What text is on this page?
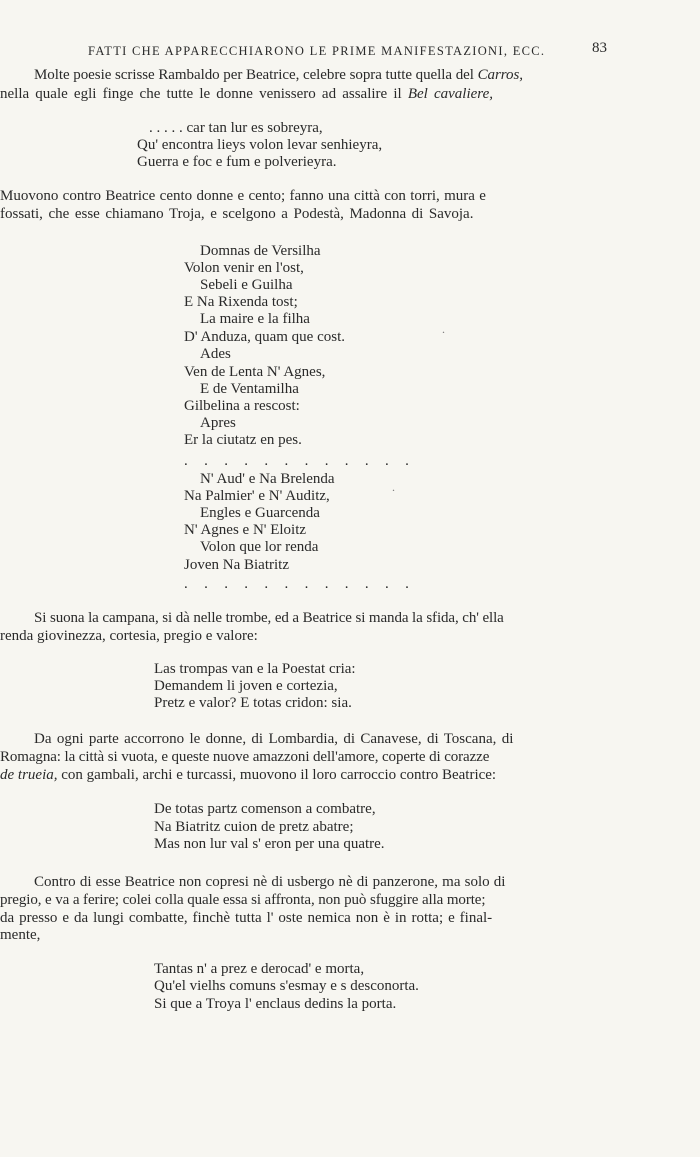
FATTI CHE APPARECCHIARONO LE PRIME MANIFESTAZIONI, ECC.	83
Molte poesie scrisse Rambaldo per Beatrice, celebre sopra tutte quella del Carros,
nella quale egli finge che tutte le donne venissero ad assalire il Bel cavaliere,
. . . . . car tan lur es sobreyra,
Qu' encontra lieys volon levar senhieyra,
Guerra e foc e fum e polverieyra.
Muovono contro Beatrice cento donne e cento; fanno una città con torri, mura e
fossati, che esse chiamano Troja, e scelgono a Podestà, Madonna di Savoja.
Domnas de Versilha
Volon venir en l'ost,
Sebeli e Guilha
E Na Rixenda tost;
La maire e la filha
D' Anduza, quam que cost.
Ades
Ven de Lenta N' Agnes,
E de Ventamilha
Gilbelina a rescost:
Apres
Er la ciutatz en pes.
. . . . . . . . . . . .
N' Aud' e Na Brelenda
Na Palmier' e N' Auditz,
Engles e Guarcenda
N' Agnes e N' Eloitz
Volon que lor renda
Joven Na Biatritz
. . . . . . . . . . . .
Si suona la campana, si dà nelle trombe, ed a Beatrice si manda la sfida, ch' ella
renda giovinezza, cortesia, pregio e valore:
Las trompas van e la Poestat cria:
Demandem li joven e cortezia,
Pretz e valor? E totas cridon: sia.
Da ogni parte accorrono le donne, di Lombardia, di Canavese, di Toscana, di
Romagna: la città si vuota, e queste nuove amazzoni dell'amore, coperte di corazze
de trueia, con gambali, archi e turcassi, muovono il loro carroccio contro Beatrice:
De totas partz comenson a combatre,
Na Biatritz cuion de pretz abatre;
Mas non lur val s' eron per una quatre.
Contro di esse Beatrice non copresi nè di usbergo nè di panzerone, ma solo di
pregio, e va a ferire; colei colla quale essa si affronta, non può sfuggire alla morte;
da presso e da lungi combatte, finchè tutta l' oste nemica non è in rotta; e final-
mente,
Tantas n' a prez e derocad' e morta,
Qu'el vielhs comuns s'esmay e s desconorta.
Si que a Troya l' enclaus dedins la porta.
.
.
